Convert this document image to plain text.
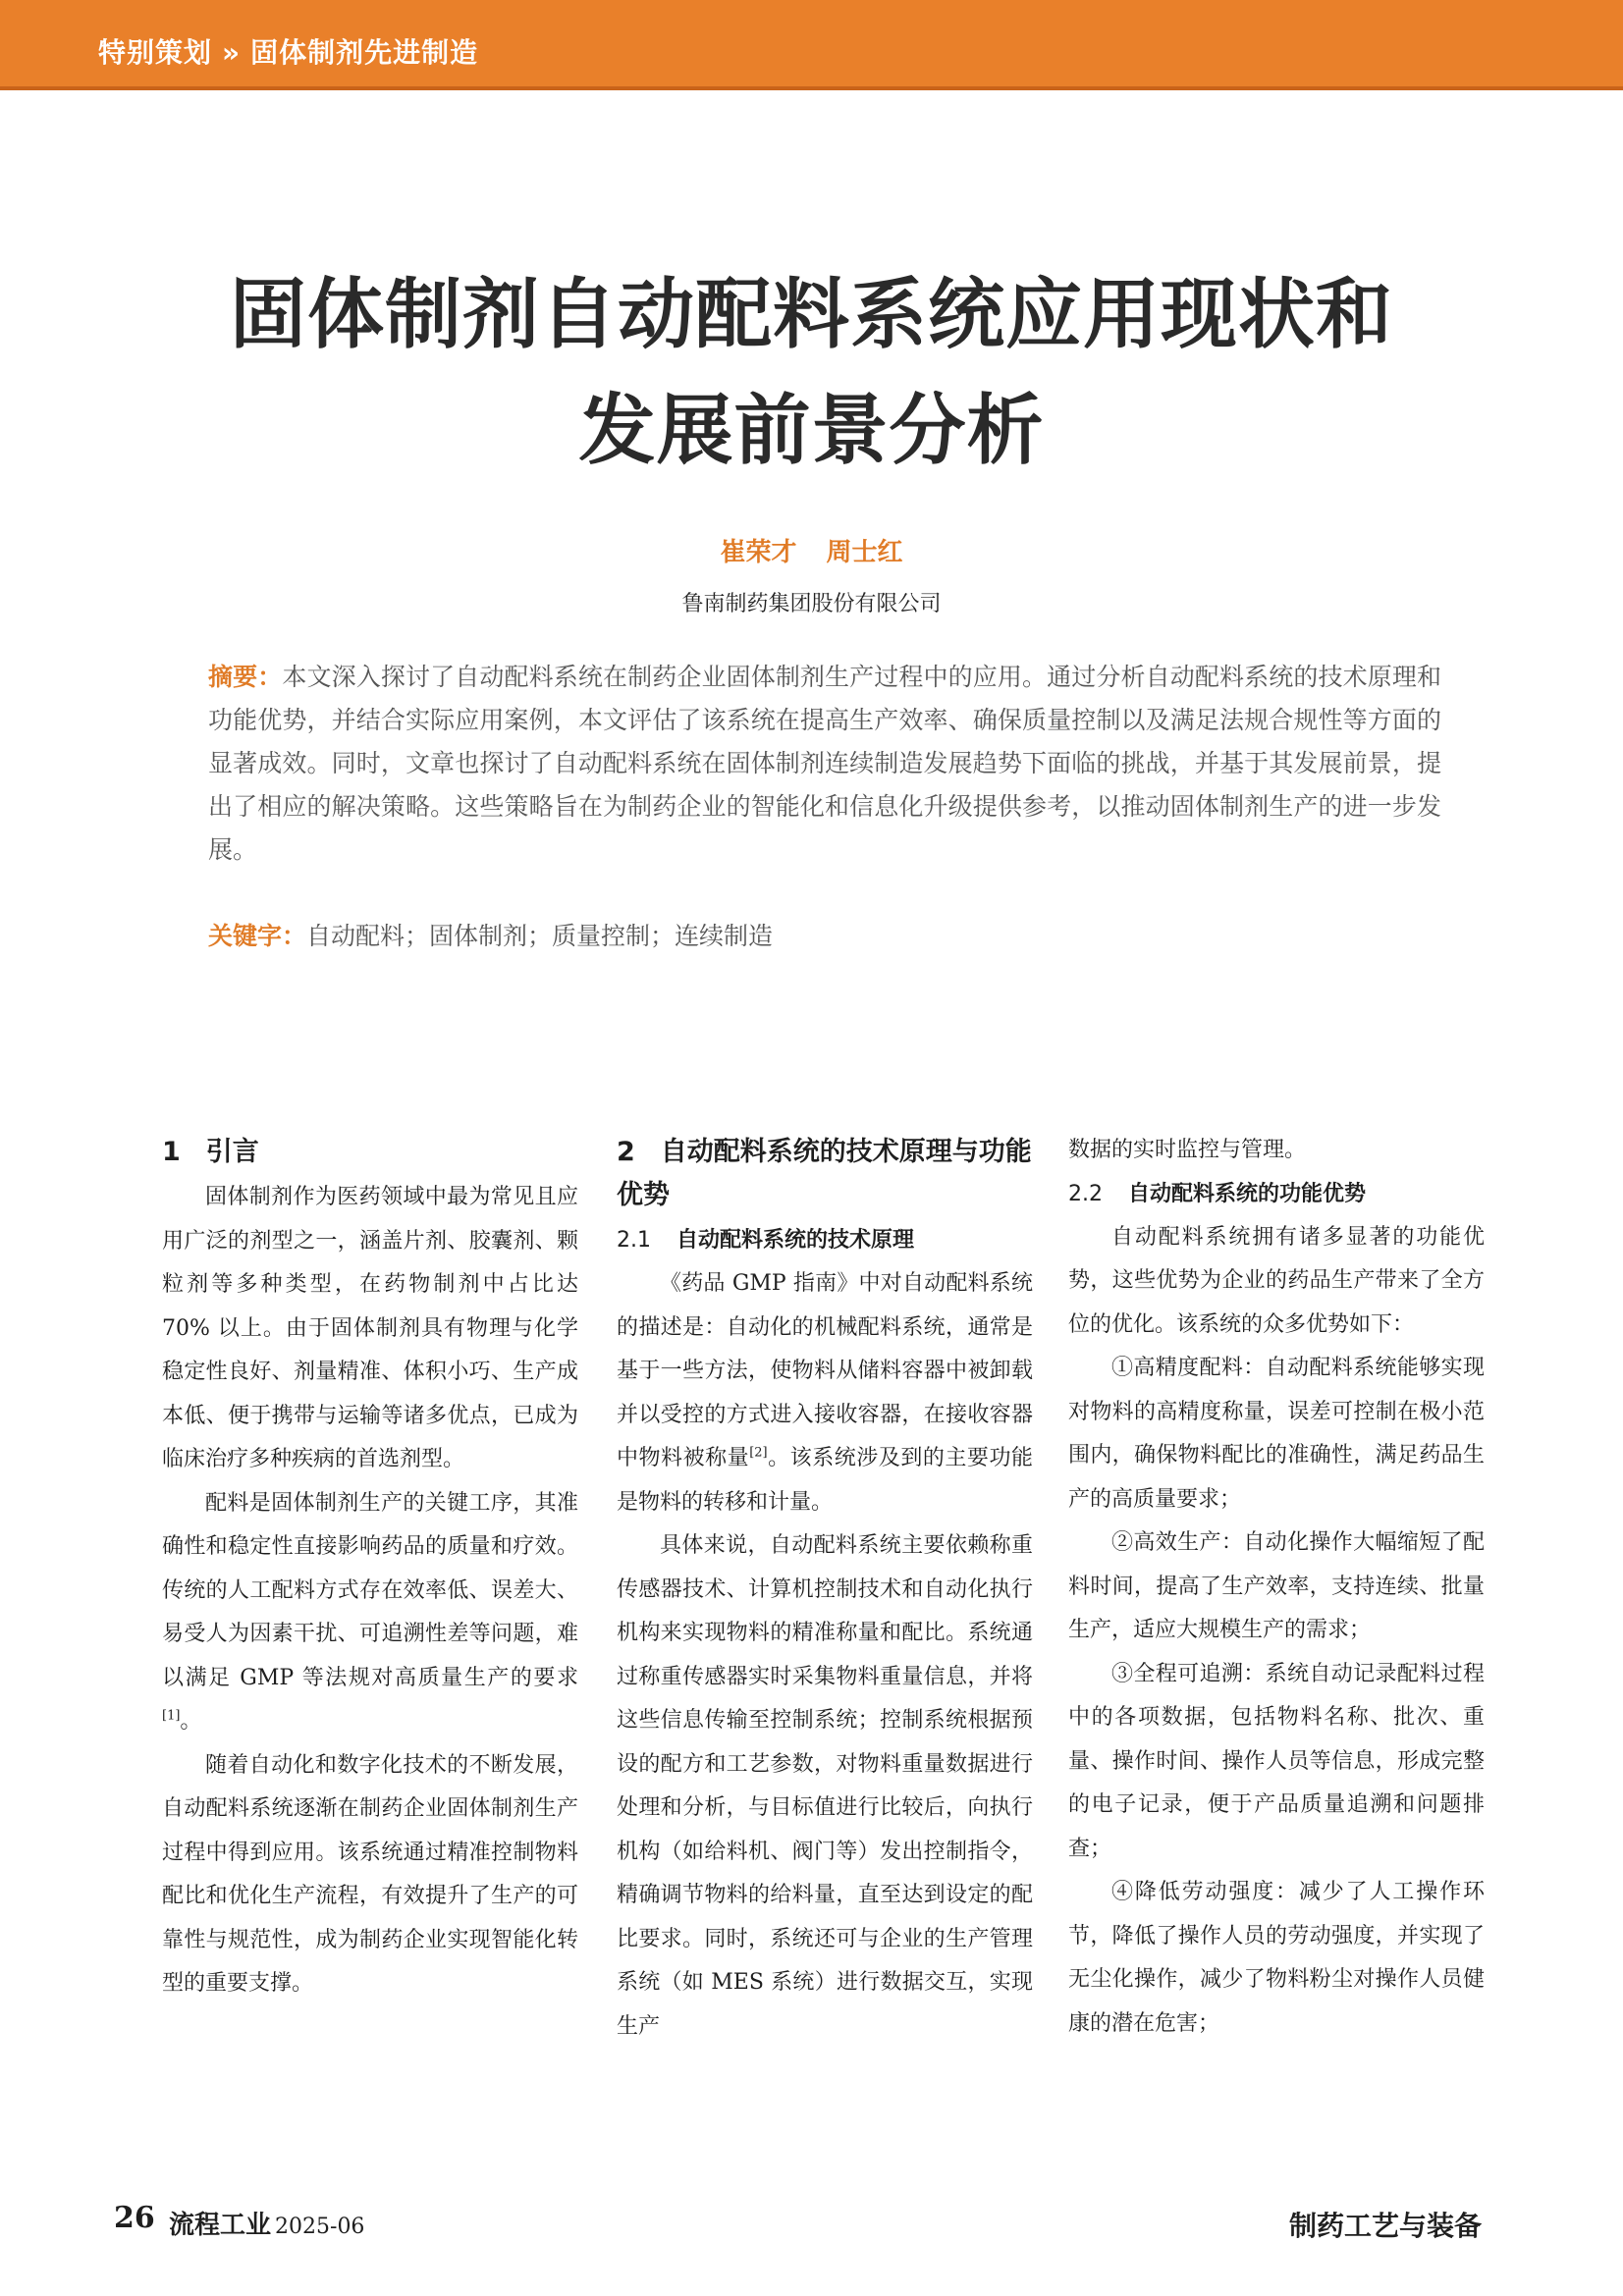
特别策划 » 固体制剂先进制造
固体制剂自动配料系统应用现状和
发展前景分析
崔荣才 周士红
鲁南制药集团股份有限公司
摘要：本文深入探讨了自动配料系统在制药企业固体制剂生产过程中的应用。通过分析自动配料系统的技术原理和功能优势，并结合实际应用案例，本文评估了该系统在提高生产效率、确保质量控制以及满足法规合规性等方面的显著成效。同时，文章也探讨了自动配料系统在固体制剂连续制造发展趋势下面临的挑战，并基于其发展前景，提出了相应的解决策略。这些策略旨在为制药企业的智能化和信息化升级提供参考，以推动固体制剂生产的进一步发展。
关键字：自动配料；固体制剂；质量控制；连续制造
1 引言

固体制剂作为医药领域中最为常见且应用广泛的剂型之一，涵盖片剂、胶囊剂、颗粒剂等多种类型，在药物制剂中占比达 70% 以上。由于固体制剂具有物理与化学稳定性良好、剂量精准、体积小巧、生产成本低、便于携带与运输等诸多优点，已成为临床治疗多种疾病的首选剂型。

配料是固体制剂生产的关键工序，其准确性和稳定性直接影响药品的质量和疗效。传统的人工配料方式存在效率低、误差大、易受人为因素干扰、可追溯性差等问题，难以满足 GMP 等法规对高质量生产的要求[1]。

随着自动化和数字化技术的不断发展，自动配料系统逐渐在制药企业固体制剂生产过程中得到应用。该系统通过精准控制物料配比和优化生产流程，有效提升了生产的可靠性与规范性，成为制药企业实现智能化转型的重要支撑。

2 自动配料系统的技术原理与功能优势
2.1 自动配料系统的技术原理

《药品 GMP 指南》中对自动配料系统的描述是：自动化的机械配料系统，通常是基于一些方法，使物料从储料容器中被卸载并以受控的方式进入接收容器，在接收容器中物料被称量[2]。该系统涉及到的主要功能是物料的转移和计量。

具体来说，自动配料系统主要依赖称重传感器技术、计算机控制技术和自动化执行机构来实现物料的精准称量和配比。系统通过称重传感器实时采集物料重量信息，并将这些信息传输至控制系统；控制系统根据预设的配方和工艺参数，对物料重量数据进行处理和分析，与目标值进行比较后，向执行机构（如给料机、阀门等）发出控制指令，精确调节物料的给料量，直至达到设定的配比要求。同时，系统还可与企业的生产管理系统（如 MES 系统）进行数据交互，实现生产

数据的实时监控与管理。

2.2 自动配料系统的功能优势

自动配料系统拥有诸多显著的功能优势，这些优势为企业的药品生产带来了全方位的优化。该系统的众多优势如下：

①高精度配料：自动配料系统能够实现对物料的高精度称量，误差可控制在极小范围内，确保物料配比的准确性，满足药品生产的高质量要求；

②高效生产：自动化操作大幅缩短了配料时间，提高了生产效率，支持连续、批量生产，适应大规模生产的需求；

③全程可追溯：系统自动记录配料过程中的各项数据，包括物料名称、批次、重量、操作时间、操作人员等信息，形成完整的电子记录，便于产品质量追溯和问题排查；

④降低劳动强度：减少了人工操作环节，降低了操作人员的劳动强度，并实现了无尘化操作，减少了物料粉尘对操作人员健康的潜在危害；

26 流程工业 2025-06	制药工艺与装备
